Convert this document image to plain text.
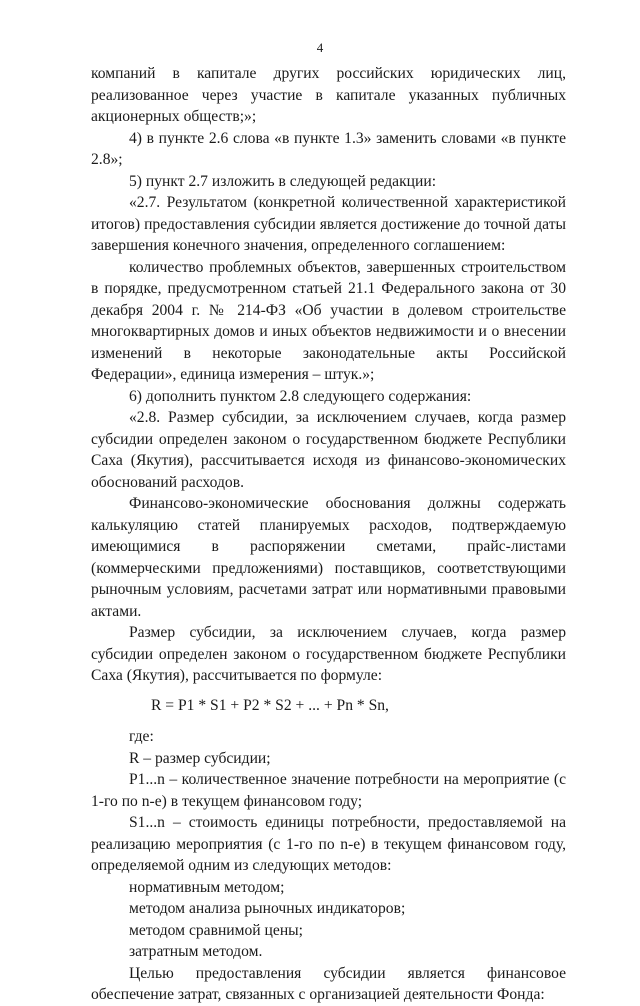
4

компаний в капитале других российских юридических лиц, реализованное через участие в капитале указанных публичных акционерных обществ;»;

4) в пункте 2.6 слова «в пункте 1.3» заменить словами «в пункте 2.8»;

5) пункт 2.7 изложить в следующей редакции:

«2.7. Результатом (конкретной количественной характеристикой итогов) предоставления субсидии является достижение до точной даты завершения конечного значения, определенного соглашением:

количество проблемных объектов, завершенных строительством в порядке, предусмотренном статьей 21.1 Федерального закона от 30 декабря 2004 г. № 214-ФЗ «Об участии в долевом строительстве многоквартирных домов и иных объектов недвижимости и о внесении изменений в некоторые законодательные акты Российской Федерации», единица измерения – штук.»;

6) дополнить пунктом 2.8 следующего содержания:

«2.8. Размер субсидии, за исключением случаев, когда размер субсидии определен законом о государственном бюджете Республики Саха (Якутия), рассчитывается исходя из финансово-экономических обоснований расходов.

Финансово-экономические обоснования должны содержать калькуляцию статей планируемых расходов, подтверждаемую имеющимися в распоряжении сметами, прайс-листами (коммерческими предложениями) поставщиков, соответствующими рыночным условиям, расчетами затрат или нормативными правовыми актами.

Размер субсидии, за исключением случаев, когда размер субсидии определен законом о государственном бюджете Республики Саха (Якутия), рассчитывается по формуле:

R = P1 * S1 + P2 * S2 + ... + Pn * Sn,

где:

R – размер субсидии;

P1...n – количественное значение потребности на мероприятие (с 1-го по n-е) в текущем финансовом году;

S1...n – стоимость единицы потребности, предоставляемой на реализацию мероприятия (с 1-го по n-е) в текущем финансовом году, определяемой одним из следующих методов:

нормативным методом;

методом анализа рыночных индикаторов;

методом сравнимой цены;

затратным методом.

Целью предоставления субсидии является финансовое обеспечение затрат, связанных с организацией деятельности Фонда:
